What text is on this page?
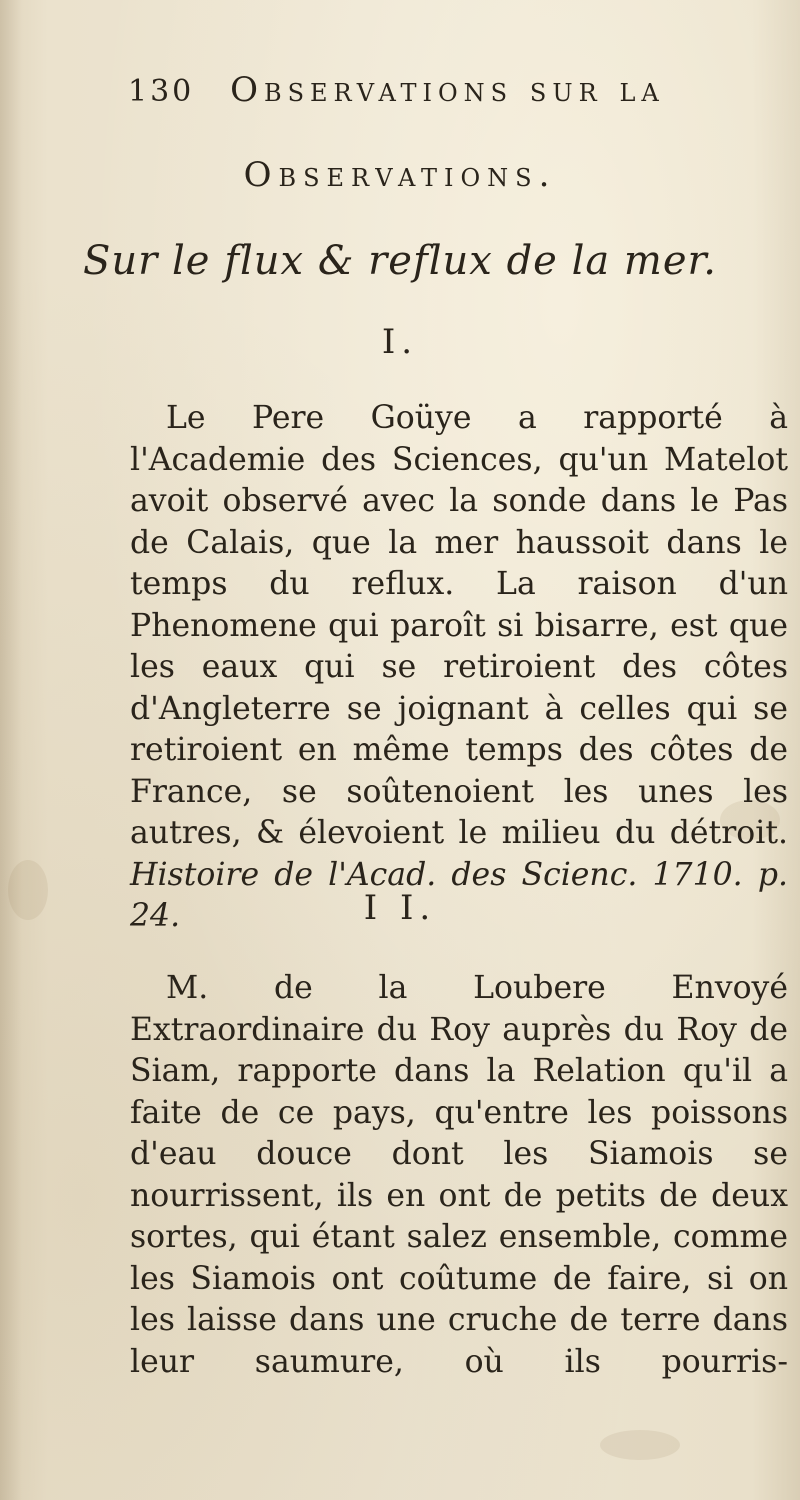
130 Observations sur la
Observations.
Sur le flux & reflux de la mer.
I.
Le Pere Goüye a rapporté à l'Academie des Sciences, qu'un Matelot avoit observé avec la sonde dans le Pas de Calais, que la mer haussoit dans le temps du reflux. La raison d'un Phenomene qui paroît si bisarre, est que les eaux qui se retiroient des côtes d'Angleterre se joignant à celles qui se retiroient en même temps des côtes de France, se soûtenoient les unes les autres, & élevoient le milieu du détroit. Histoire de l'Acad. des Scienc. 1710. p. 24.	I I.
M. de la Loubere Envoyé Extraordinaire du Roy auprès du Roy de Siam, rapporte dans la Relation qu'il a faite de ce pays, qu'entre les poissons d'eau douce dont les Siamois se nourrissent, ils en ont de petits de deux sortes, qui étant salez ensemble, comme les Siamois ont coûtume de faire, si on les laisse dans une cruche de terre dans leur saumure, où ils pourris-
